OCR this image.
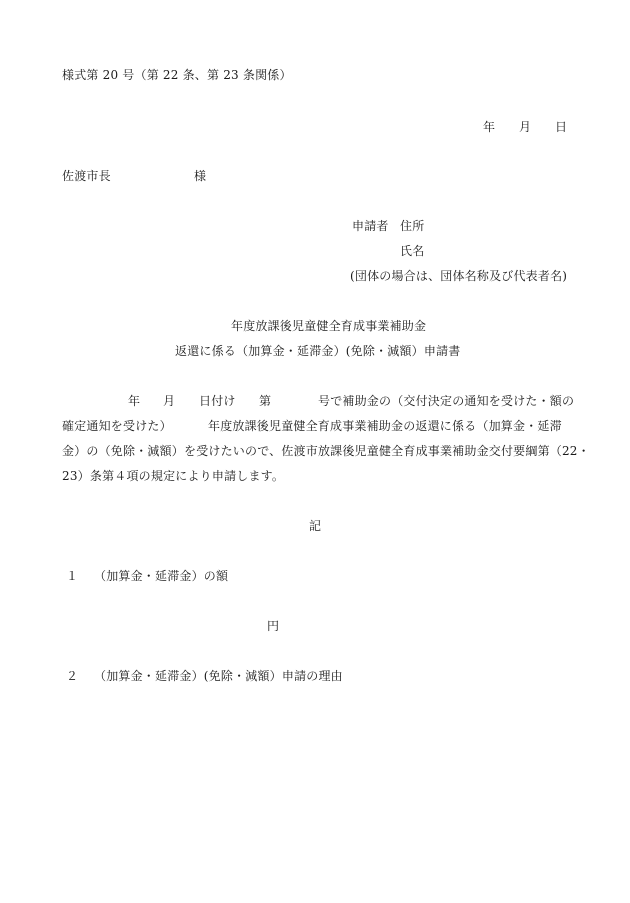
様式第 20 号（第 22 条、第 23 条関係）
年 月 日
佐渡市長	様
申請者 住所
氏名
(団体の場合は、団体名称及び代表者名)
年度放課後児童健全育成事業補助金
返還に係る（加算金・延滞金）(免除・減額）申請書
年 月 日付け 第	号で補助金の（交付決定の通知を受けた・額の
確定通知を受けた）	年度放課後児童健全育成事業補助金の返還に係る（加算金・延滞
金）の（免除・減額）を受けたいので、佐渡市放課後児童健全育成事業補助金交付要綱第（22・
23）条第４項の規定により申請します。
記
１ （加算金・延滞金）の額
円
２ （加算金・延滞金）(免除・減額）申請の理由
